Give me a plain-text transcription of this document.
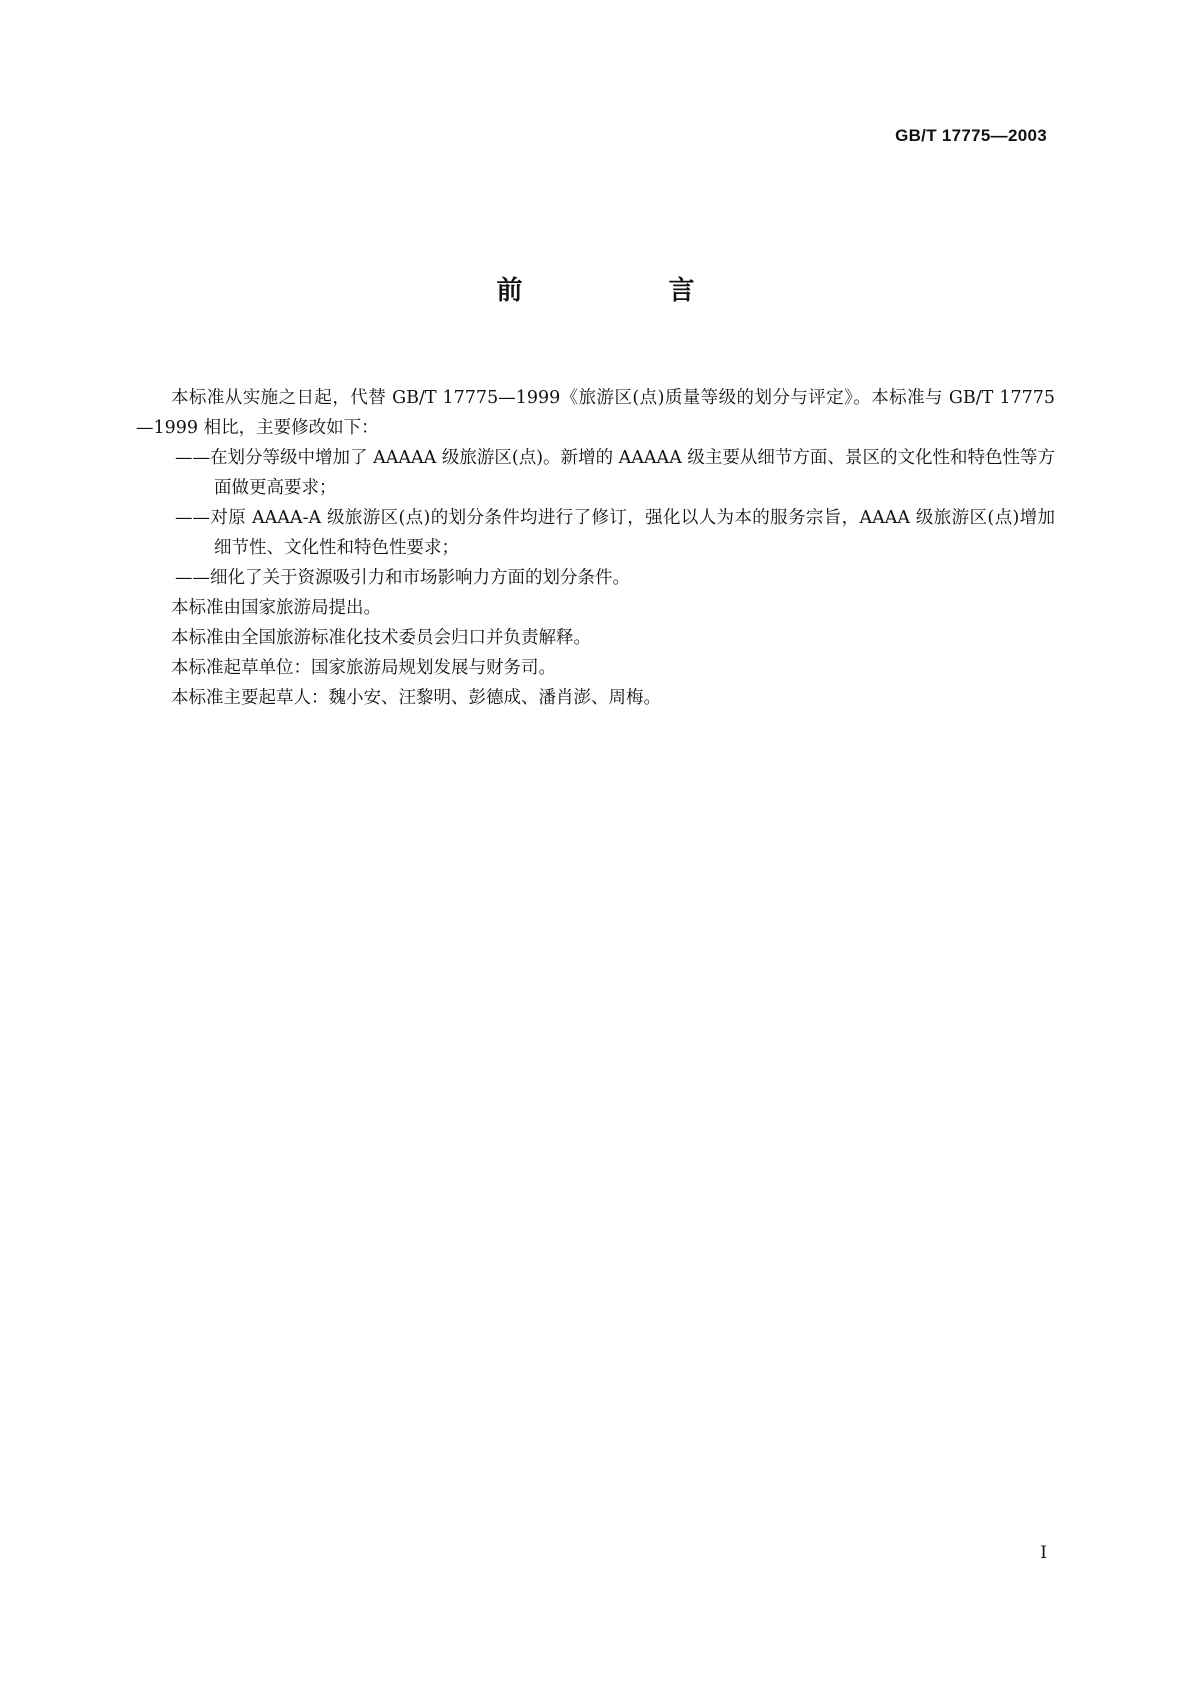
GB/T 17775—2003
前　言

本标准从实施之日起，代替 GB/T 17775—1999《旅游区(点)质量等级的划分与评定》。本标准与 GB/T 17775—1999 相比，主要修改如下：

——在划分等级中增加了 AAAAA 级旅游区(点)。新增的 AAAAA 级主要从细节方面、景区的文化性和特色性等方面做更高要求；

——对原 AAAA-A 级旅游区(点)的划分条件均进行了修订，强化以人为本的服务宗旨，AAAA 级旅游区(点)增加细节性、文化性和特色性要求；

——细化了关于资源吸引力和市场影响力方面的划分条件。

本标准由国家旅游局提出。

本标准由全国旅游标准化技术委员会归口并负责解释。

本标准起草单位：国家旅游局规划发展与财务司。

本标准主要起草人：魏小安、汪黎明、彭德成、潘肖澎、周梅。

I
